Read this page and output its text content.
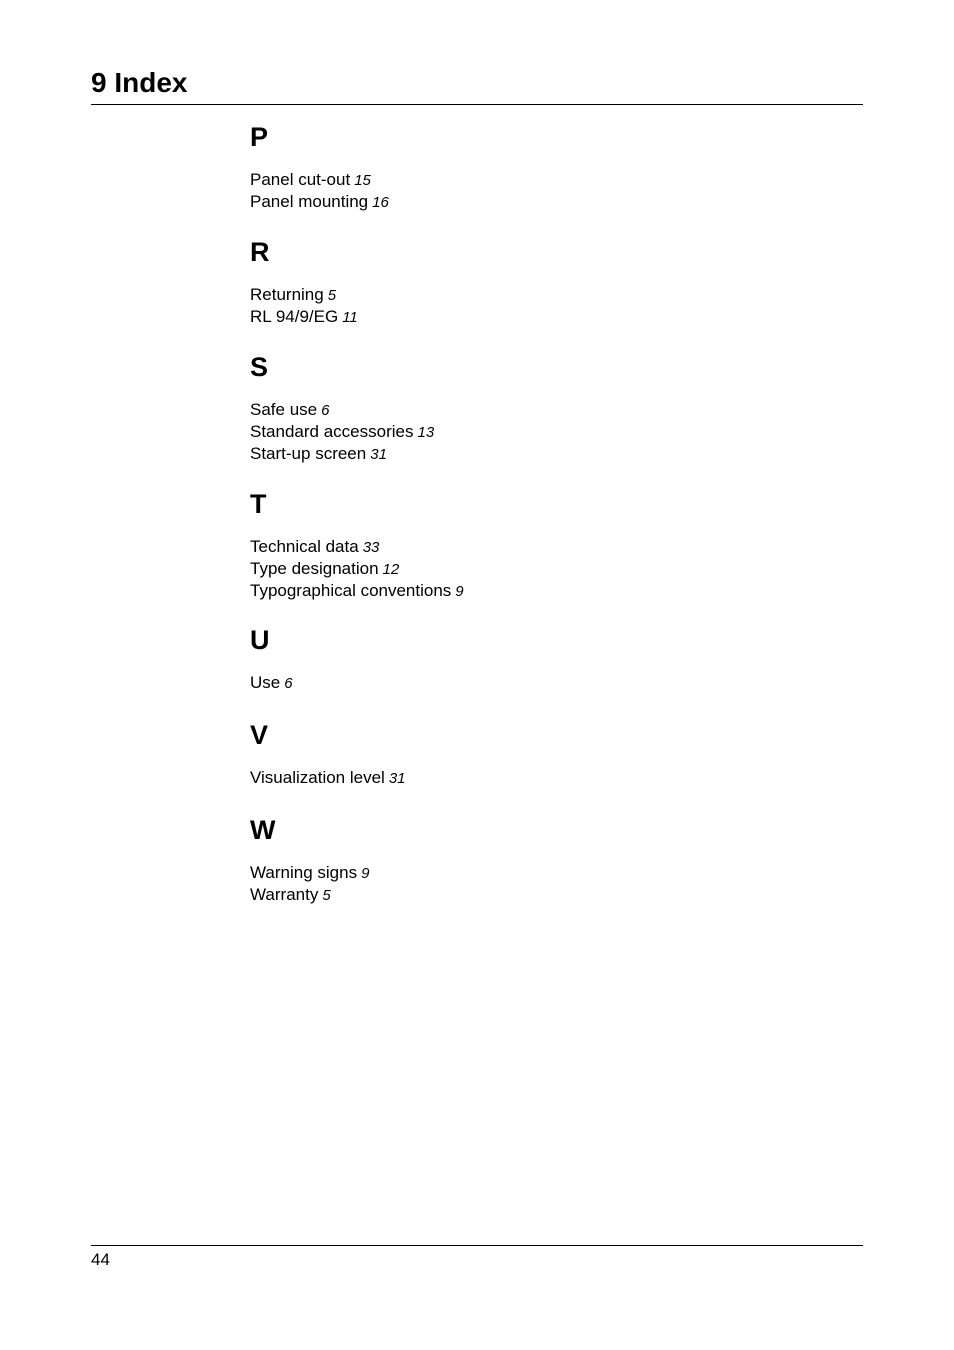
9 Index
P
Panel cut-out 15
Panel mounting 16
R
Returning 5
RL 94/9/EG 11
S
Safe use 6
Standard accessories 13
Start-up screen 31
T
Technical data 33
Type designation 12
Typographical conventions 9
U
Use 6
V
Visualization level 31
W
Warning signs 9
Warranty 5
44
